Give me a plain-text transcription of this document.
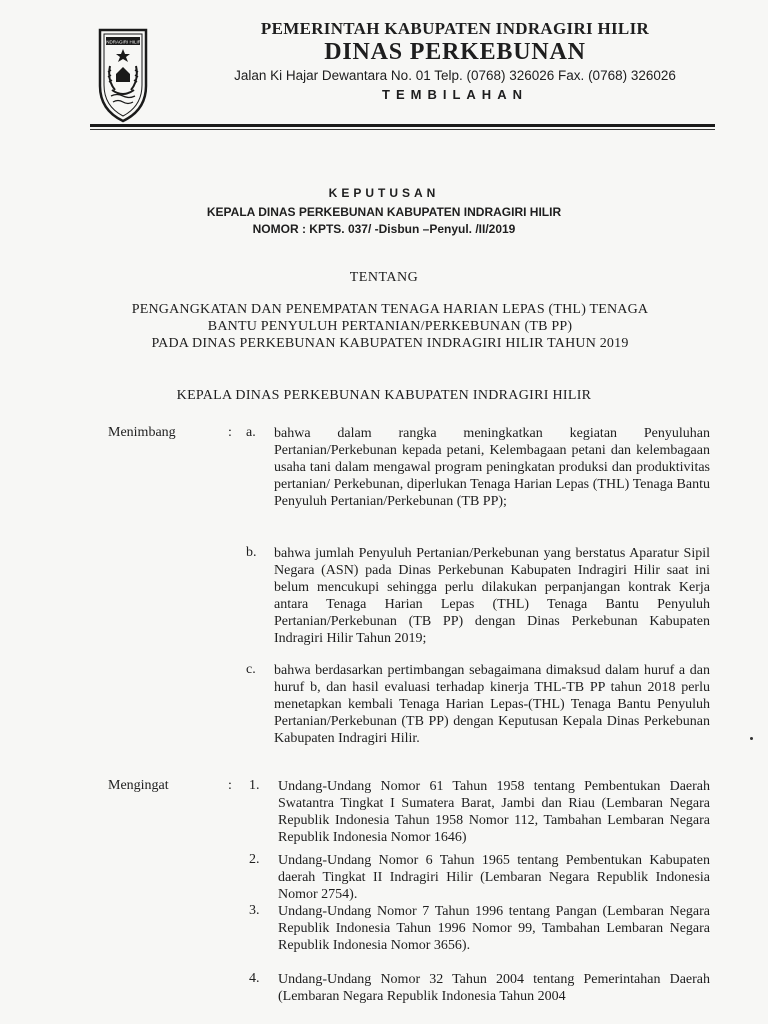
INDRAGIRI HILIR
PEMERINTAH KABUPATEN INDRAGIRI HILIR
DINAS PERKEBUNAN
Jalan Ki Hajar Dewantara No. 01 Telp. (0768) 326026 Fax. (0768) 326026
TEMBILAHAN
KEPUTUSAN
KEPALA DINAS PERKEBUNAN KABUPATEN INDRAGIRI HILIR
NOMOR : KPTS. 037/ -Disbun –Penyul. /II/2019
TENTANG
PENGANGKATAN DAN PENEMPATAN TENAGA HARIAN LEPAS (THL) TENAGA
BANTU PENYULUH PERTANIAN/PERKEBUNAN (TB PP)
PADA DINAS PERKEBUNAN KABUPATEN INDRAGIRI HILIR TAHUN 2019
KEPALA DINAS PERKEBUNAN KABUPATEN INDRAGIRI HILIR
Menimbang	: a. bahwa dalam rangka meningkatkan kegiatan Penyuluhan Pertanian/Perkebunan kepada petani, Kelembagaan petani dan kelembagaan usaha tani dalam mengawal program peningkatan produksi dan produktivitas pertanian/ Perkebunan, diperlukan Tenaga Harian Lepas (THL) Tenaga Bantu Penyuluh Pertanian/Perkebunan (TB PP);
b. bahwa jumlah Penyuluh Pertanian/Perkebunan yang berstatus Aparatur Sipil Negara (ASN) pada Dinas Perkebunan Kabupaten Indragiri Hilir saat ini belum mencukupi sehingga perlu dilakukan perpanjangan kontrak Kerja antara Tenaga Harian Lepas (THL) Tenaga Bantu Penyuluh Pertanian/Perkebunan (TB PP) dengan Dinas Perkebunan Kabupaten Indragiri Hilir Tahun 2019;
c. bahwa berdasarkan pertimbangan sebagaimana dimaksud dalam huruf a dan huruf b, dan hasil evaluasi terhadap kinerja THL-TB PP tahun 2018 perlu menetapkan kembali Tenaga Harian Lepas-(THL) Tenaga Bantu Penyuluh Pertanian/Perkebunan (TB PP) dengan Keputusan Kepala Dinas Perkebunan Kabupaten Indragiri Hilir.
Mengingat	: 1. Undang-Undang Nomor 61 Tahun 1958 tentang Pembentukan Daerah Swatantra Tingkat I Sumatera Barat, Jambi dan Riau (Lembaran Negara Republik Indonesia Tahun 1958 Nomor 112, Tambahan Lembaran Negara Republik Indonesia Nomor 1646)
2. Undang-Undang Nomor 6 Tahun 1965 tentang Pembentukan Kabupaten daerah Tingkat II Indragiri Hilir (Lembaran Negara Republik Indonesia Nomor 2754).
3. Undang-Undang Nomor 7 Tahun 1996 tentang Pangan (Lembaran Negara Republik Indonesia Tahun 1996 Nomor 99, Tambahan Lembaran Negara Republik Indonesia Nomor 3656).
4. Undang-Undang Nomor 32 Tahun 2004 tentang Pemerintahan Daerah (Lembaran Negara Republik Indonesia Tahun 2004
